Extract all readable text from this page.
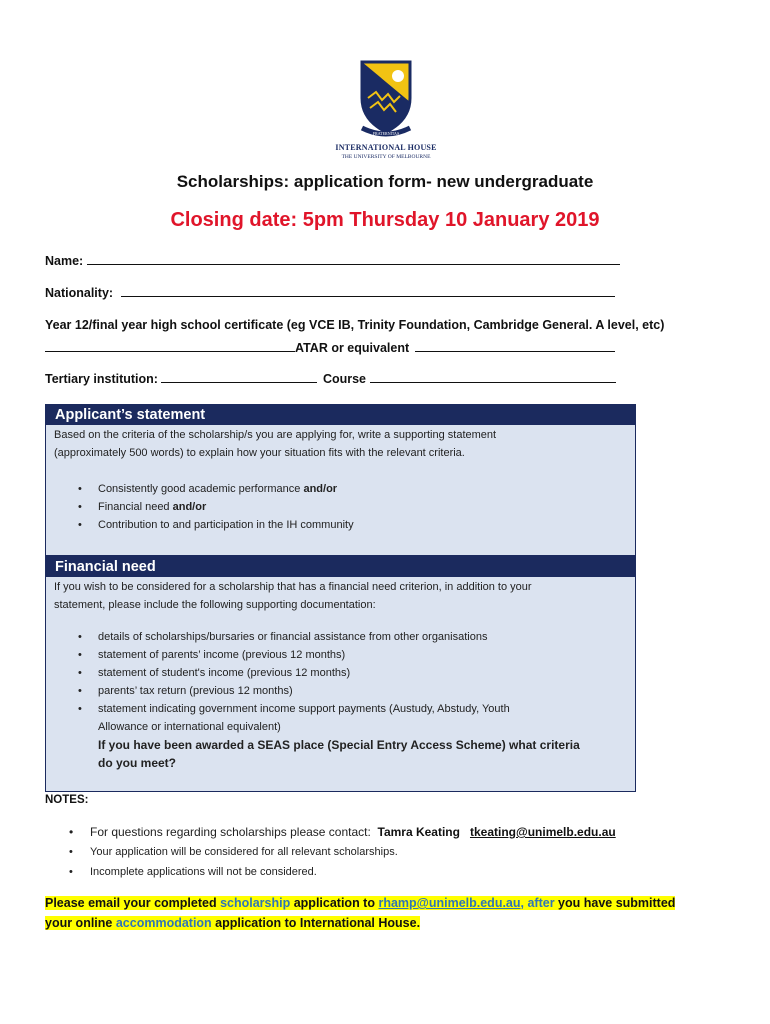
FRATERNITAS
INTERNATIONAL HOUSE
THE UNIVERSITY OF MELBOURNE
Scholarships: application form- new undergraduate
Closing date: 5pm Thursday 10 January 2019
Name:
Nationality:
Year 12/final year high school certificate (eg VCE IB, Trinity Foundation, Cambridge General. A level, etc)
ATAR or equivalent
Tertiary institution:	Course
Applicant’s statement
Based on the criteria of the scholarship/s you are applying for, write a supporting statement
(approximately 500 words) to explain how your situation fits with the relevant criteria.
• Consistently good academic performance and/or
• Financial need and/or
• Contribution to and participation in the IH community
Financial need
If you wish to be considered for a scholarship that has a financial need criterion, in addition to your
statement, please include the following supporting documentation:
• details of scholarships/bursaries or financial assistance from other organisations
• statement of parents’ income (previous 12 months)
• statement of student's income (previous 12 months)
• parents’ tax return (previous 12 months)
• statement indicating government income support payments (Austudy, Abstudy, Youth
Allowance or international equivalent)
If you have been awarded a SEAS place (Special Entry Access Scheme) what criteria
do you meet?
NOTES:
• For questions regarding scholarships please contact: Tamra Keating tkeating@unimelb.edu.au
• Your application will be considered for all relevant scholarships.
• Incomplete applications will not be considered.
Please email your completed scholarship application to rhamp@unimelb.edu.au, after you have submitted
your online accommodation application to International House.
